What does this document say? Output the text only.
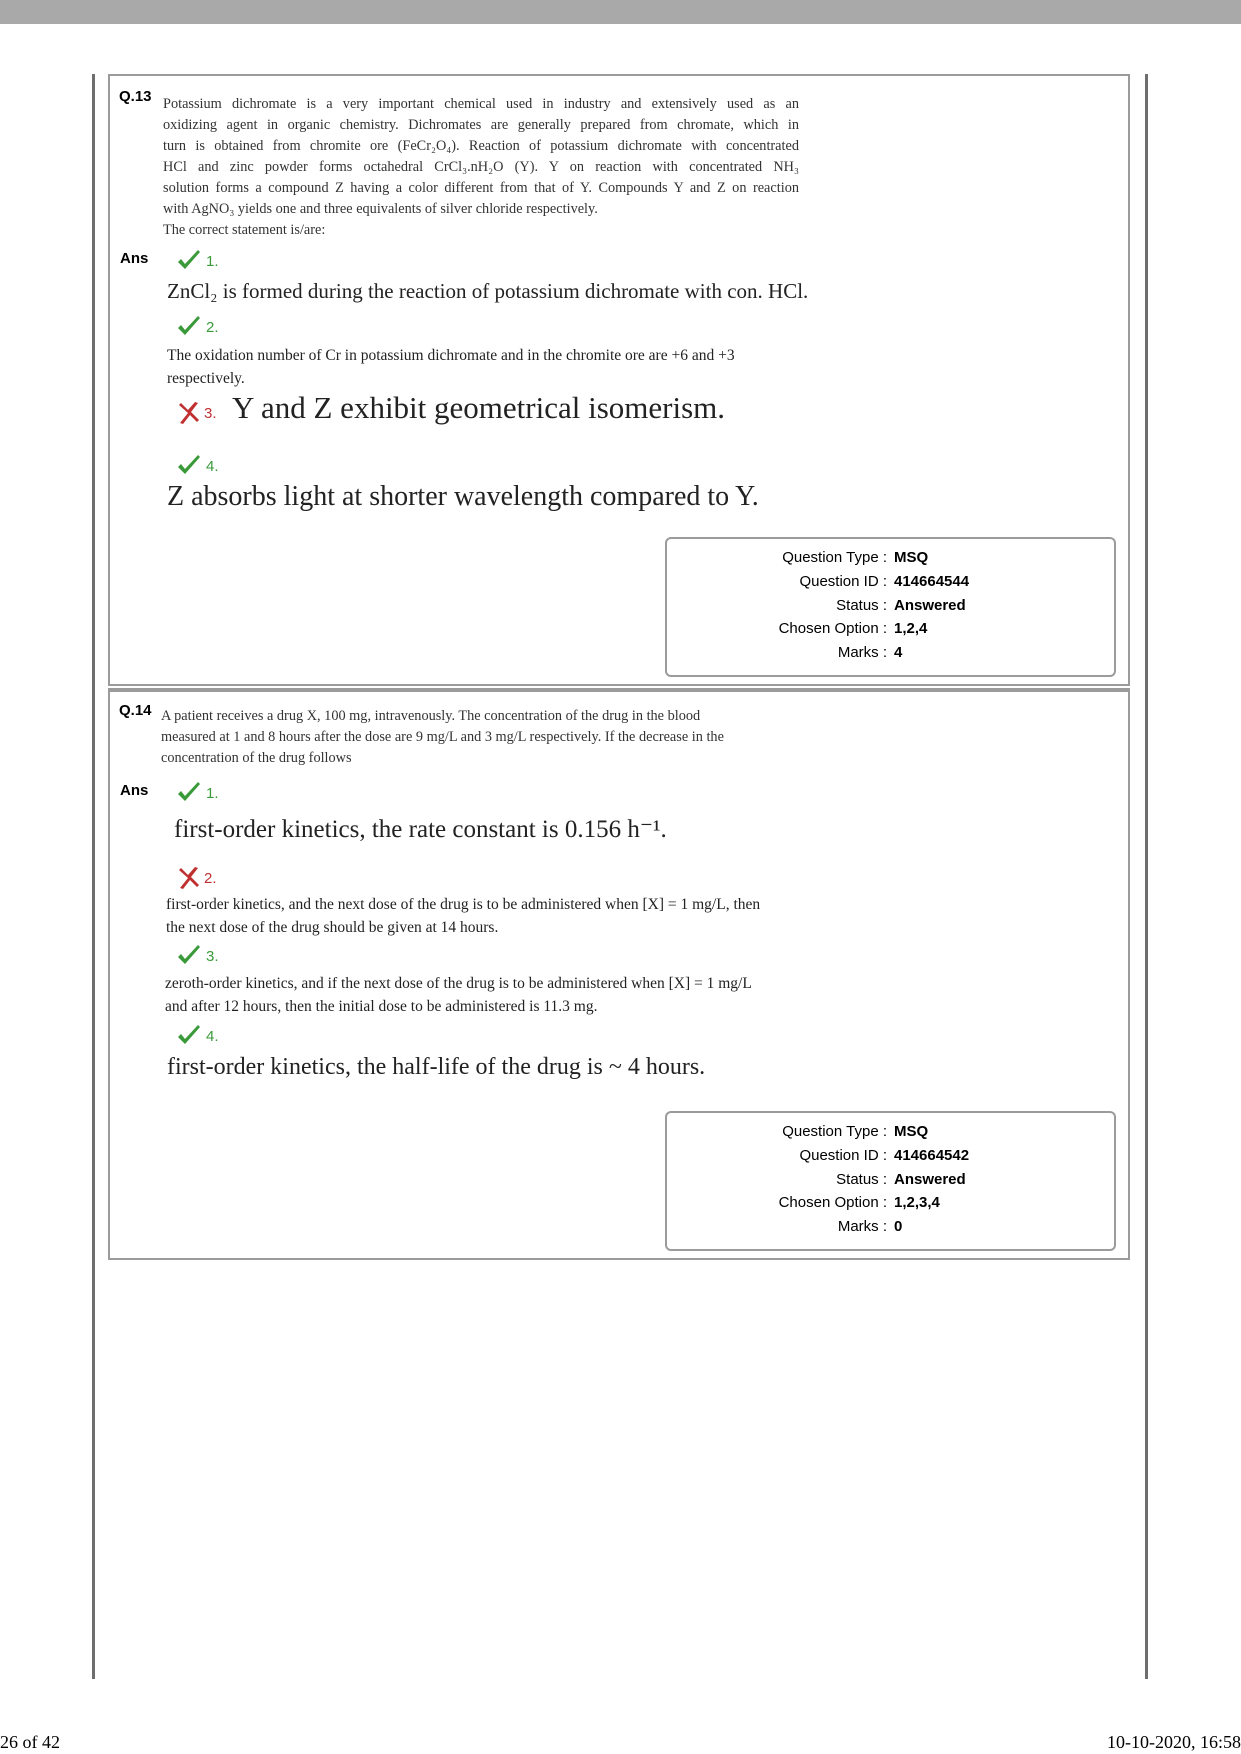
Q.13 Potassium dichromate is a very important chemical used in industry and extensively used as an
oxidizing agent in organic chemistry. Dichromates are generally prepared from chromate, which in
turn is obtained from chromite ore (FeCr₂O₄). Reaction of potassium dichromate with concentrated
HCl and zinc powder forms octahedral CrCl₃.nH₂O (Y). Y on reaction with concentrated NH₃
solution forms a compound Z having a color different from that of Y. Compounds Y and Z on reaction
with AgNO₃ yields one and three equivalents of silver chloride respectively.
The correct statement is/are:
Ans	1.
ZnCl₂ is formed during the reaction of potassium dichromate with con. HCl.
2.
The oxidation number of Cr in potassium dichromate and in the chromite ore are +6 and +3
respectively.
3. Y and Z exhibit geometrical isomerism.
4.
Z absorbs light at shorter wavelength compared to Y.
Question Type : MSQ
Question ID : 414664544
Status : Answered
Chosen Option : 1,2,4
Marks : 4
Q.14 A patient receives a drug X, 100 mg, intravenously. The concentration of the drug in the blood
measured at 1 and 8 hours after the dose are 9 mg/L and 3 mg/L respectively. If the decrease in the
concentration of the drug follows
Ans	1.
first-order kinetics, the rate constant is 0.156 h⁻¹.
2.
first-order kinetics, and the next dose of the drug is to be administered when [X] = 1 mg/L, then
the next dose of the drug should be given at 14 hours.
3.
zeroth-order kinetics, and if the next dose of the drug is to be administered when [X] = 1 mg/L
and after 12 hours, then the initial dose to be administered is 11.3 mg.
4.
first-order kinetics, the half-life of the drug is ~ 4 hours.
Question Type : MSQ
Question ID : 414664542
Status : Answered
Chosen Option : 1,2,3,4
Marks : 0
26 of 42	10-10-2020, 16:58
